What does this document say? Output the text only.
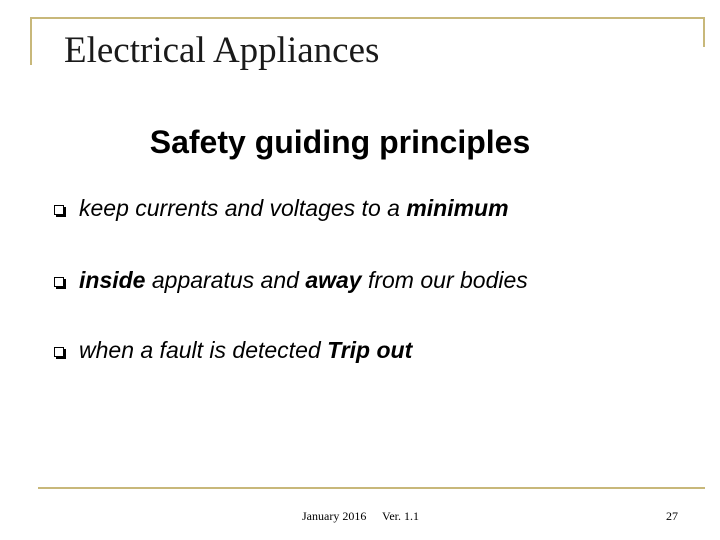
Electrical Appliances
Safety guiding principles
keep currents and voltages to a minimum
inside apparatus and away from our bodies
when a fault is detected Trip out
January 2016 Ver. 1.1	27
